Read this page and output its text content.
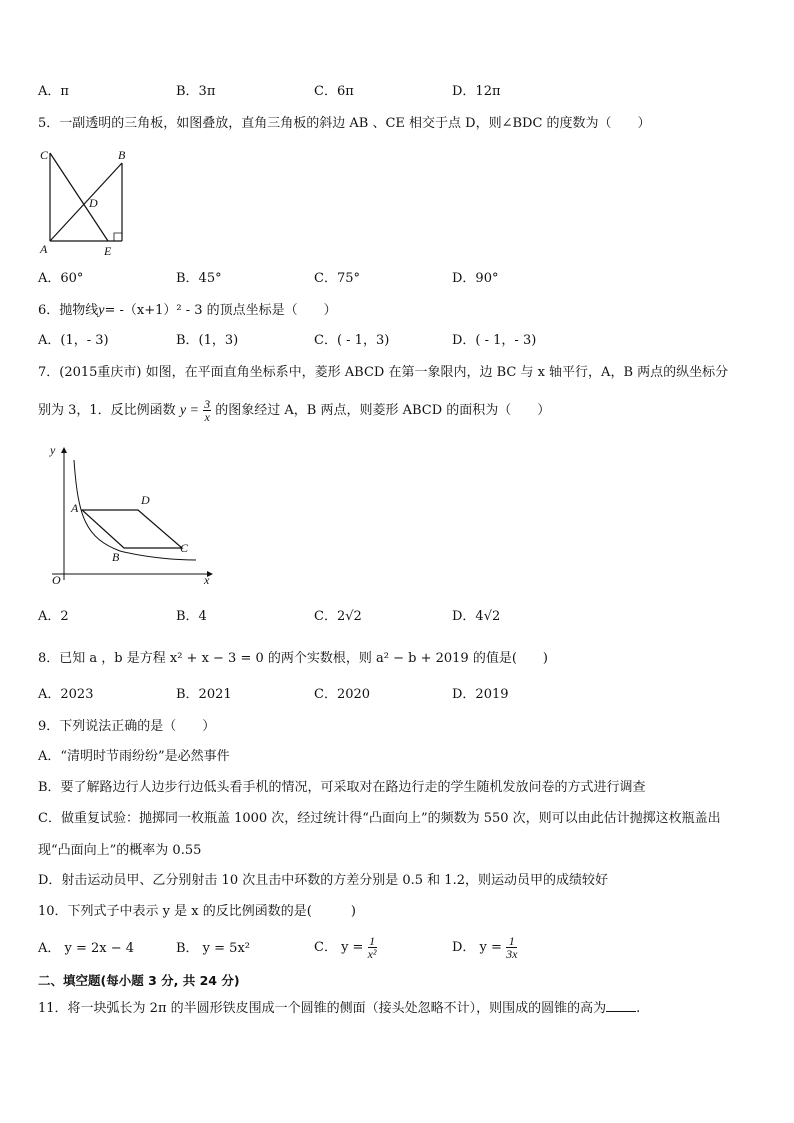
A．π	B．3π	C．6π	D．12π
5．一副透明的三角板，如图叠放，直角三角板的斜边 AB 、CE 相交于点 D，则∠BDC 的度数为（　　）
C	B
D
A	E
A．60°	B．45°	C．75°	D．90°
6．抛物线y= -（x+1）² - 3 的顶点坐标是（　　）
A．(1，- 3)	B．(1，3)	C．( - 1，3)	D．( - 1，- 3)
7．(2015重庆市) 如图，在平面直角坐标系中，菱形 ABCD 在第一象限内，边 BC 与 x 轴平行，A，B 两点的纵坐标分
别为 3，1．反比例函数 $y = \frac{3}{x}$ 的图象经过 A，B 两点，则菱形 ABCD 的面积为（　　）
y
D
A
C
B
O	x
A．2	B．4	C．2√2	D．4√2
8．已知 a ，b 是方程 x² + x − 3 = 0 的两个实数根，则 a² − b + 2019 的值是(　　)
A．2023	B．2021	C．2020	D．2019
9．下列说法正确的是（　　）
A．“清明时节雨纷纷”是必然事件
B．要了解路边行人边步行边低头看手机的情况，可采取对在路边行走的学生随机发放问卷的方式进行调查
C．做重复试验：抛掷同一枚瓶盖 1000 次，经过统计得“凸面向上”的频数为 550 次，则可以由此估计抛掷这枚瓶盖出
现“凸面向上”的概率为 0.55
D．射击运动员甲、乙分别射击 10 次且击中环数的方差分别是 0.5 和 1.2，则运动员甲的成绩较好
10．下列式子中表示 y 是 x 的反比例函数的是(　　　)
A． y = 2x − 4	B． y = 5x²	C． $y = \frac{1}{\text{x²}}$	D． $y = \frac{1}{3x}$
二、填空题(每小题 3 分, 共 24 分)
11．将一块弧长为 2π 的半圆形铁皮围成一个圆锥的侧面（接头处忽略不计），则围成的圆锥的高为 .
